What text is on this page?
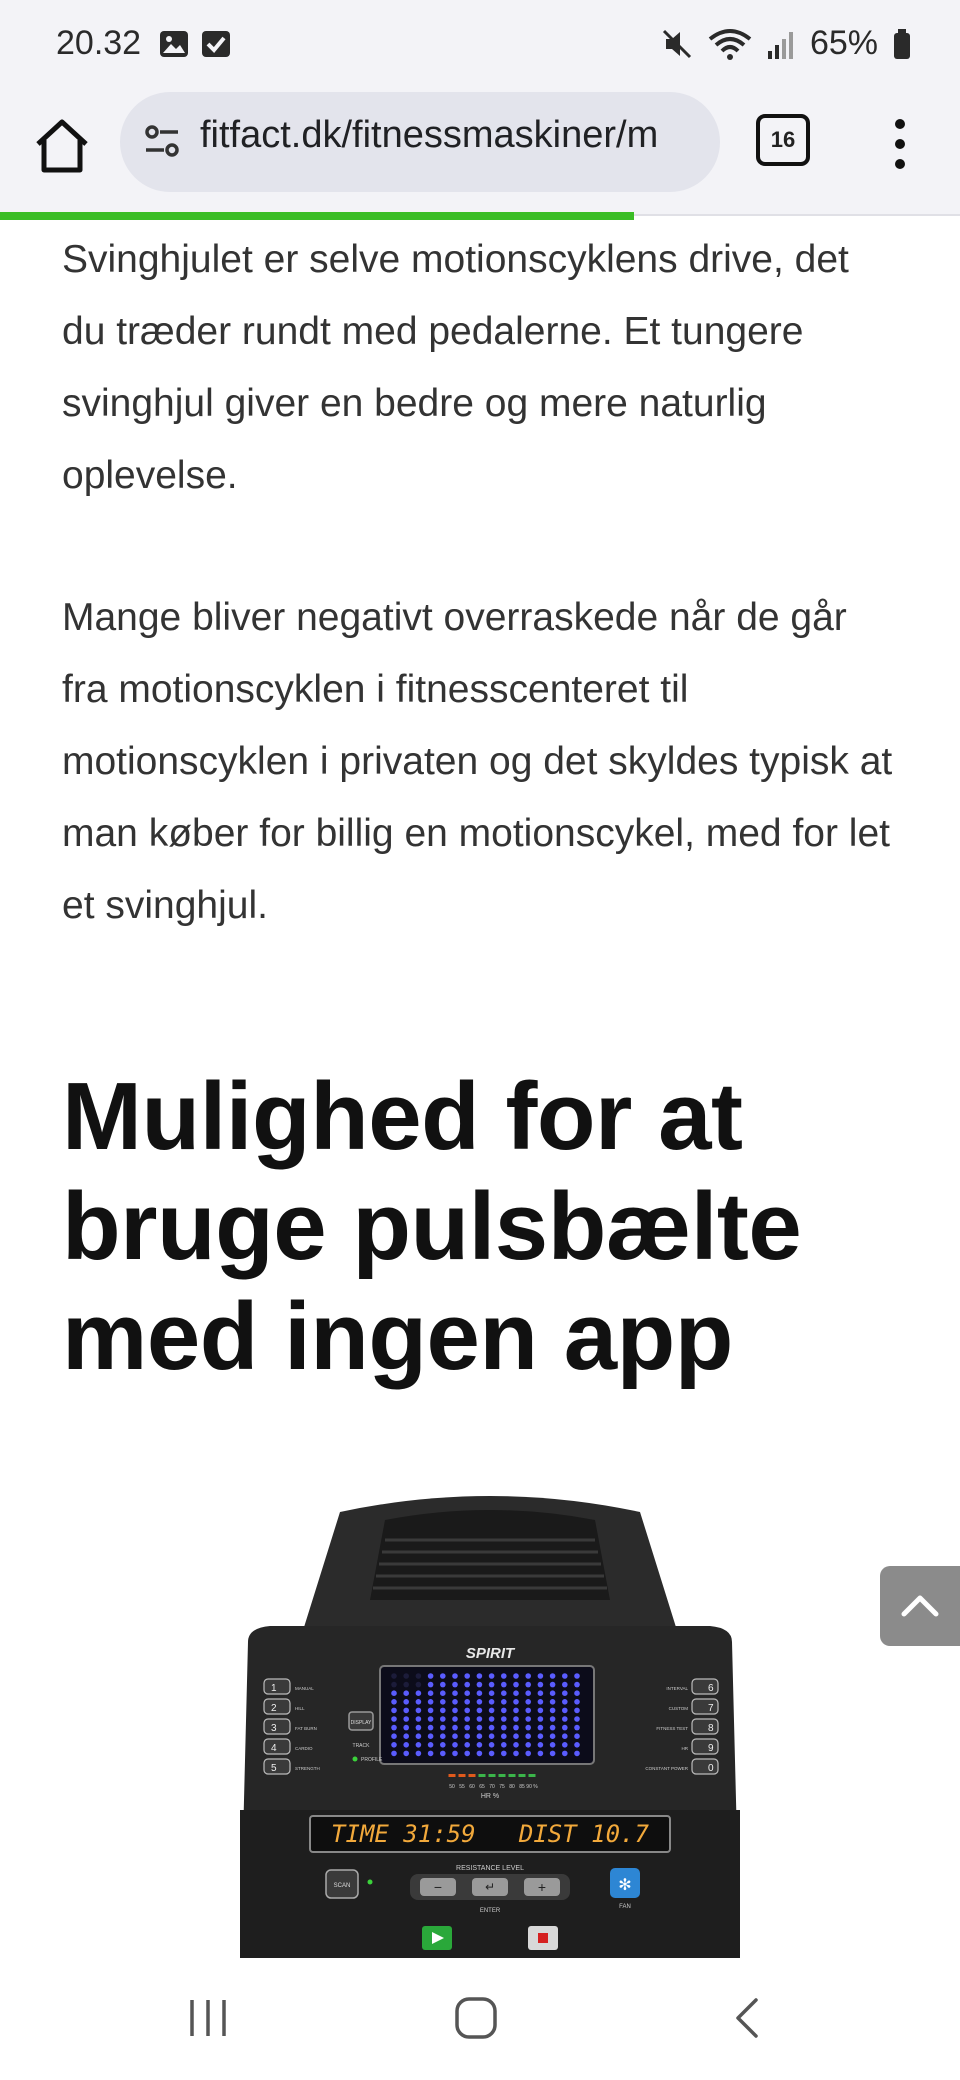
20.32	65%
fitfact.dk/fitnessmaskiner/m	16

Svinghjulet er selve motionscyklens drive, det du træder rundt med pedalerne. Et tungere svinghjul giver en bedre og mere naturlig oplevelse.

Mange bliver negativt overraskede når de går fra motionscyklen i fitnesscenteret til motionscyklen i privaten og det skyldes typisk at man køber for billig en motionscykel, med for let et svinghjul.

Mulighed for at bruge pulsbælte med ingen app
SPIRIT
1	MANUAL
2	HILL
3	FAT BURN
4	CARDIO
5	STRENGTH
6
INTERVAL
7
CUSTOM
8
FITNESS TEST
9
HR
0
CONSTANT POWER
DISPLAY
TRACK
PROFILE
50 55 60 65 70 75 80 85 90 %
HR %
TIME 31:59   DIST 10.7
RESISTANCE LEVEL
−	↵	+
ENTER
SCAN	✻
FAN
